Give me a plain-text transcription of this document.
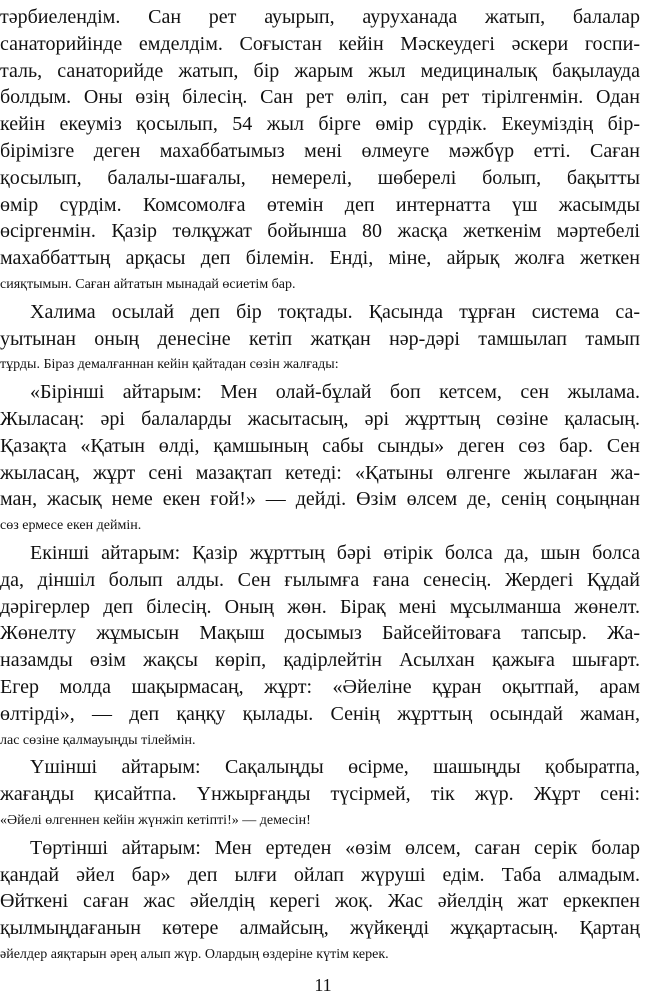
тәрбиелендім. Сан рет ауырып, ауруханада жатып, балалар
санаторийінде емделдім. Соғыстан кейін Мәскеудегі әскери госпи-
таль, санаторийде жатып, бір жарым жыл медициналық бақылауда
болдым. Оны өзің білесің. Сан рет өліп, сан рет тірілгенмін. Одан
кейін екеуміз қосылып, 54 жыл бірге өмір сүрдік. Екеуміздің бір-
бірімізге деген махаббатымыз мені өлмеуге мәжбүр етті. Саған
қосылып, балалы-шағалы, немерелі, шөберелі болып, бақытты
өмір сүрдім. Комсомолға өтемін деп интернатта үш жасымды
өсіргенмін. Қазір төлқұжат бойынша 80 жасқа жеткенім мәртебелі
махаббаттың арқасы деп білемін. Енді, міне, айрық жолға жеткен
сияқтымын. Саған айтатын мынадай өсиетім бар.
Халима осылай деп бір тоқтады. Қасында тұрған система са-
уытынан оның денесіне кетіп жатқан нәр-дәрі тамшылап тамып
тұрды. Біраз демалғаннан кейін қайтадан сөзін жалғады:
«Бірінші айтарым: Мен олай-бұлай боп кетсем, сен жылама.
Жыласаң: әрі балаларды жасытасың, әрі жұрттың сөзіне қаласың.
Қазақта «Қатын өлді, қамшының сабы сынды» деген сөз бар. Сен
жыласаң, жұрт сені мазақтап кетеді: «Қатыны өлгенге жылаған жа-
ман, жасық неме екен ғой!» — дейді. Өзім өлсем де, сенің соңыңнан
сөз ермесе екен деймін.
Екінші айтарым: Қазір жұрттың бәрі өтірік болса да, шын болса
да, діншіл болып алды. Сен ғылымға ғана сенесің. Жердегі Құдай
дәрігерлер деп білесің. Оның жөн. Бірақ мені мұсылманша жөнелт.
Жөнелту жұмысын Мақыш досымыз Байсейітоваға тапсыр. Жа-
назамды өзім жақсы көріп, қадірлейтін Асылхан қажыға шығарт.
Егер молда шақырмасаң, жұрт: «Әйеліне құран оқытпай, арам
өлтірді», — деп қаңқу қылады. Сенің жұрттың осындай жаман,
лас сөзіне қалмауыңды тілеймін.
Үшінші айтарым: Сақалыңды өсірме, шашыңды қобыратпа,
жағаңды қисайтпа. Үнжырғаңды түсірмей, тік жүр. Жұрт сені:
«Әйелі өлгеннен кейін жүнжіп кетіпті!» — демесін!
Төртінші айтарым: Мен ертеден «өзім өлсем, саған серік болар
қандай әйел бар» деп ылғи ойлап жүруші едім. Таба алмадым.
Өйткені саған жас әйелдің керегі жоқ. Жас әйелдің жат еркекпен
қылмыңдағанын көтере алмайсың, жүйкеңді жұқартасың. Қартаң
әйелдер аяқтарын әрең алып жүр. Олардың өздеріне күтім керек.
11
